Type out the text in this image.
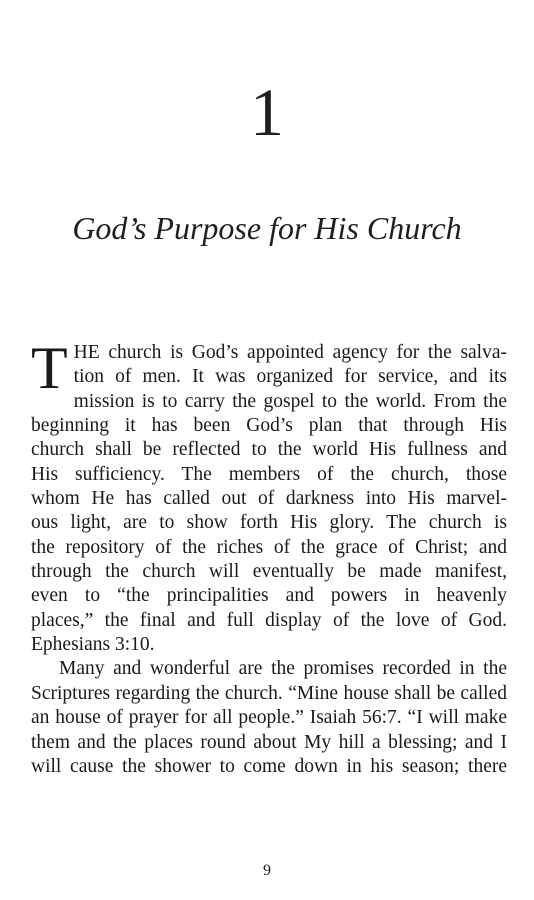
1
God’s Purpose for His Church
T HE church is God’s appointed agency for the salva-
tion of men. It was organized for service, and its
mission is to carry the gospel to the world. From the
beginning it has been God’s plan that through His
church shall be reflected to the world His fullness and
His sufficiency. The members of the church, those
whom He has called out of darkness into His marvel-
ous light, are to show forth His glory. The church is
the repository of the riches of the grace of Christ; and
through the church will eventually be made manifest,
even to “the principalities and powers in heavenly
places,” the final and full display of the love of God.
Ephesians 3:10.
Many and wonderful are the promises recorded in the
Scriptures regarding the church. “Mine house shall be called
an house of prayer for all people.” Isaiah 56:7. “I will make
them and the places round about My hill a blessing; and I
will cause the shower to come down in his season; there
9
